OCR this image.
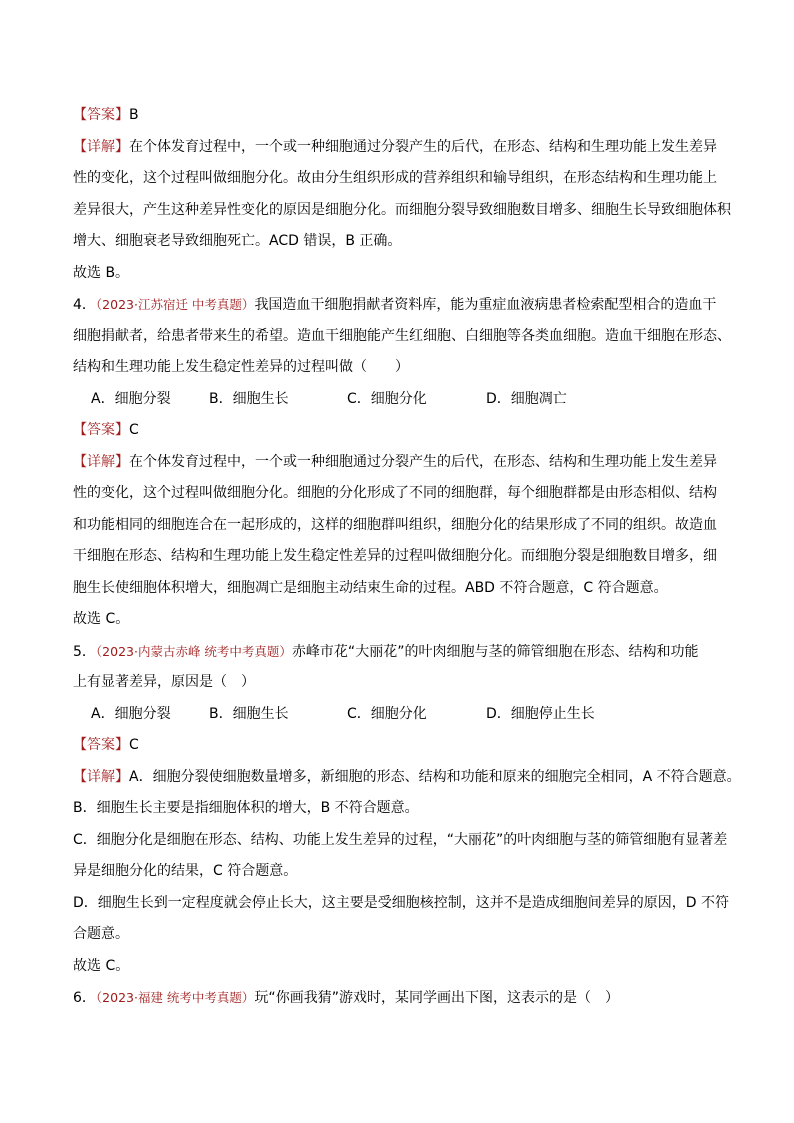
【答案】B
【详解】在个体发育过程中，一个或一种细胞通过分裂产生的后代，在形态、结构和生理功能上发生差异
性的变化，这个过程叫做细胞分化。故由分生组织形成的营养组织和输导组织，在形态结构和生理功能上
差异很大，产生这种差异性变化的原因是细胞分化。而细胞分裂导致细胞数目增多、细胞生长导致细胞体积
增大、细胞衰老导致细胞死亡。ACD 错误，B 正确。
故选 B。
4．（2023·江苏宿迁 中考真题）我国造血干细胞捐献者资料库，能为重症血液病患者检索配型相合的造血干
细胞捐献者，给患者带来生的希望。造血干细胞能产生红细胞、白细胞等各类血细胞。造血干细胞在形态、
结构和生理功能上发生稳定性差异的过程叫做（　　）
A．细胞分裂	B．细胞生长	C．细胞分化	D．细胞凋亡
【答案】C
【详解】在个体发育过程中，一个或一种细胞通过分裂产生的后代，在形态、结构和生理功能上发生差异
性的变化，这个过程叫做细胞分化。细胞的分化形成了不同的细胞群，每个细胞群都是由形态相似、结构
和功能相同的细胞连合在一起形成的，这样的细胞群叫组织，细胞分化的结果形成了不同的组织。故造血
干细胞在形态、结构和生理功能上发生稳定性差异的过程叫做细胞分化。而细胞分裂是细胞数目增多，细
胞生长使细胞体积增大，细胞凋亡是细胞主动结束生命的过程。ABD 不符合题意，C 符合题意。
故选 C。
5．（2023·内蒙古赤峰 统考中考真题）赤峰市花“大丽花”的叶肉细胞与茎的筛管细胞在形态、结构和功能
上有显著差异，原因是（　）
A．细胞分裂	B．细胞生长	C．细胞分化	D．细胞停止生长
【答案】C
【详解】A．细胞分裂使细胞数量增多，新细胞的形态、结构和功能和原来的细胞完全相同，A 不符合题意。
B．细胞生长主要是指细胞体积的增大，B 不符合题意。
C．细胞分化是细胞在形态、结构、功能上发生差异的过程，“大丽花”的叶肉细胞与茎的筛管细胞有显著差
异是细胞分化的结果，C 符合题意。
D．细胞生长到一定程度就会停止长大，这主要是受细胞核控制，这并不是造成细胞间差异的原因，D 不符
合题意。
故选 C。
6．（2023·福建 统考中考真题）玩“你画我猜”游戏时，某同学画出下图，这表示的是（　）
